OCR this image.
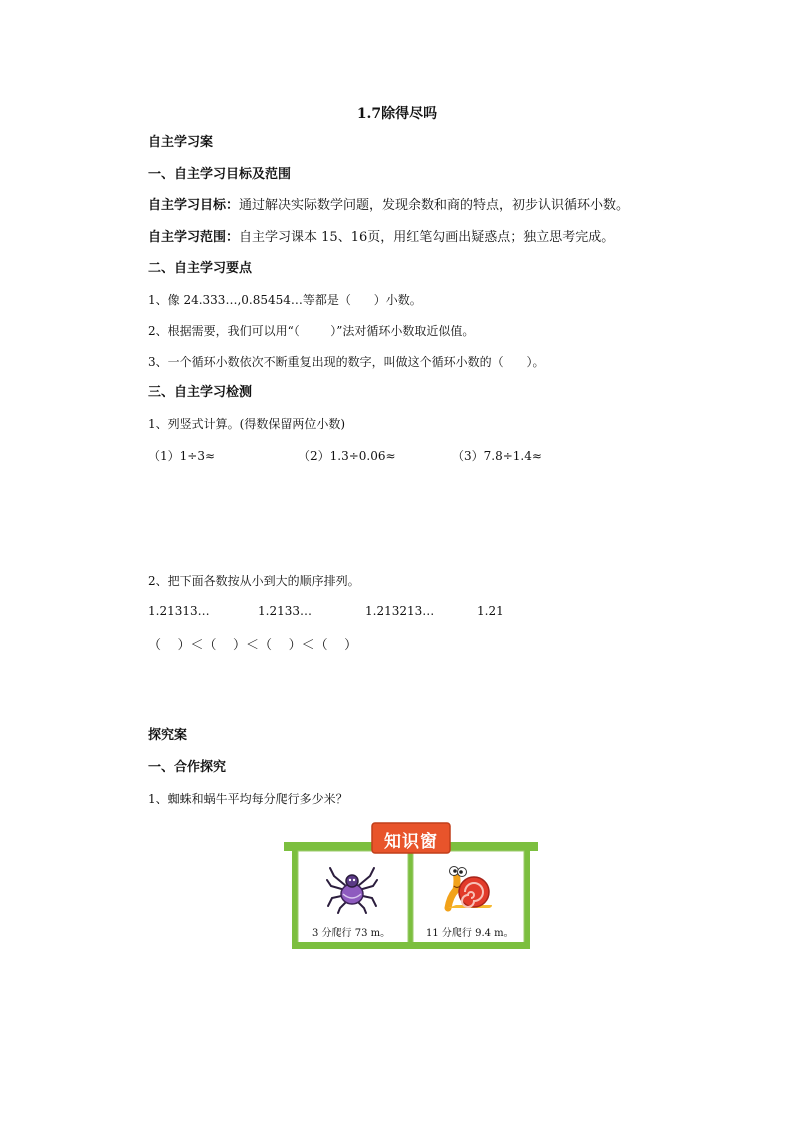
1.7除得尽吗
自主学习案
一、自主学习目标及范围
自主学习目标：通过解决实际数学问题，发现余数和商的特点，初步认识循环小数。
自主学习范围：自主学习课本 15、16页，用红笔勾画出疑惑点；独立思考完成。
二、自主学习要点
1、像 24.333…,0.85454…等都是（      ）小数。
2、根据需要，我们可以用“（        ）”法对循环小数取近似值。
3、一个循环小数依次不断重复出现的数字，叫做这个循环小数的（      ）。
三、自主学习检测
1、列竖式计算。(得数保留两位小数)
（1）1÷3≈	（2）1.3÷0.06≈	（3）7.8÷1.4≈
2、把下面各数按从小到大的顺序排列。
1.21313…	1.2133…	1.213213…	1.21
（    ）＜（    ）＜（    ）＜（    ）
探究案
一、合作探究
1、蜘蛛和蜗牛平均每分爬行多少米？
知识窗
3 分爬行 73 m。	11 分爬行 9.4 m。
